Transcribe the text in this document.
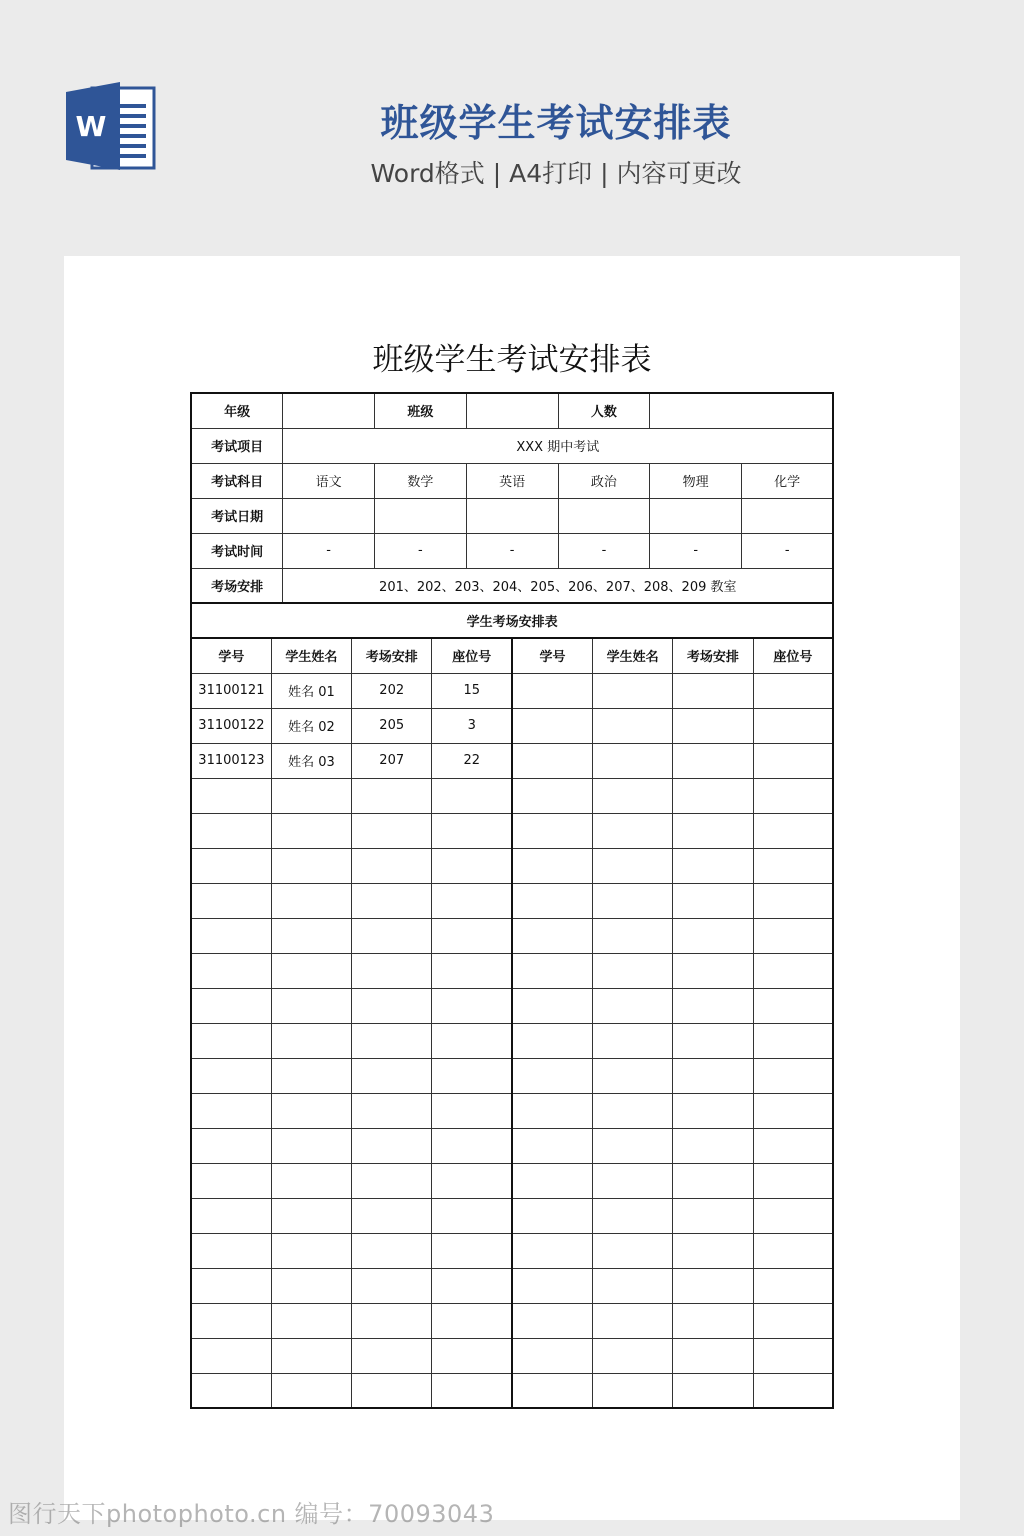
W	班级学生考试安排表
Word格式 | A4打印 | 内容可更改
班级学生考试安排表
年级				班级				人数					
考试项目		XXX 期中考试											
考试科目		语文		数学		英语		政治		物理		化学	
考试日期													
考试时间		-		-		-		-		-		-	
考场安排		201、202、203、204、205、206、207、208、209 教室											
学生考场安排表													
学号	学生姓名		考场安排		座位号		学号		学生姓名		考场安排		座位号
31100121	姓名 01		202		15								
31100122	姓名 02		205		3								
31100123	姓名 03		207		22								

图行天下photophoto.cn 编号：70093043
